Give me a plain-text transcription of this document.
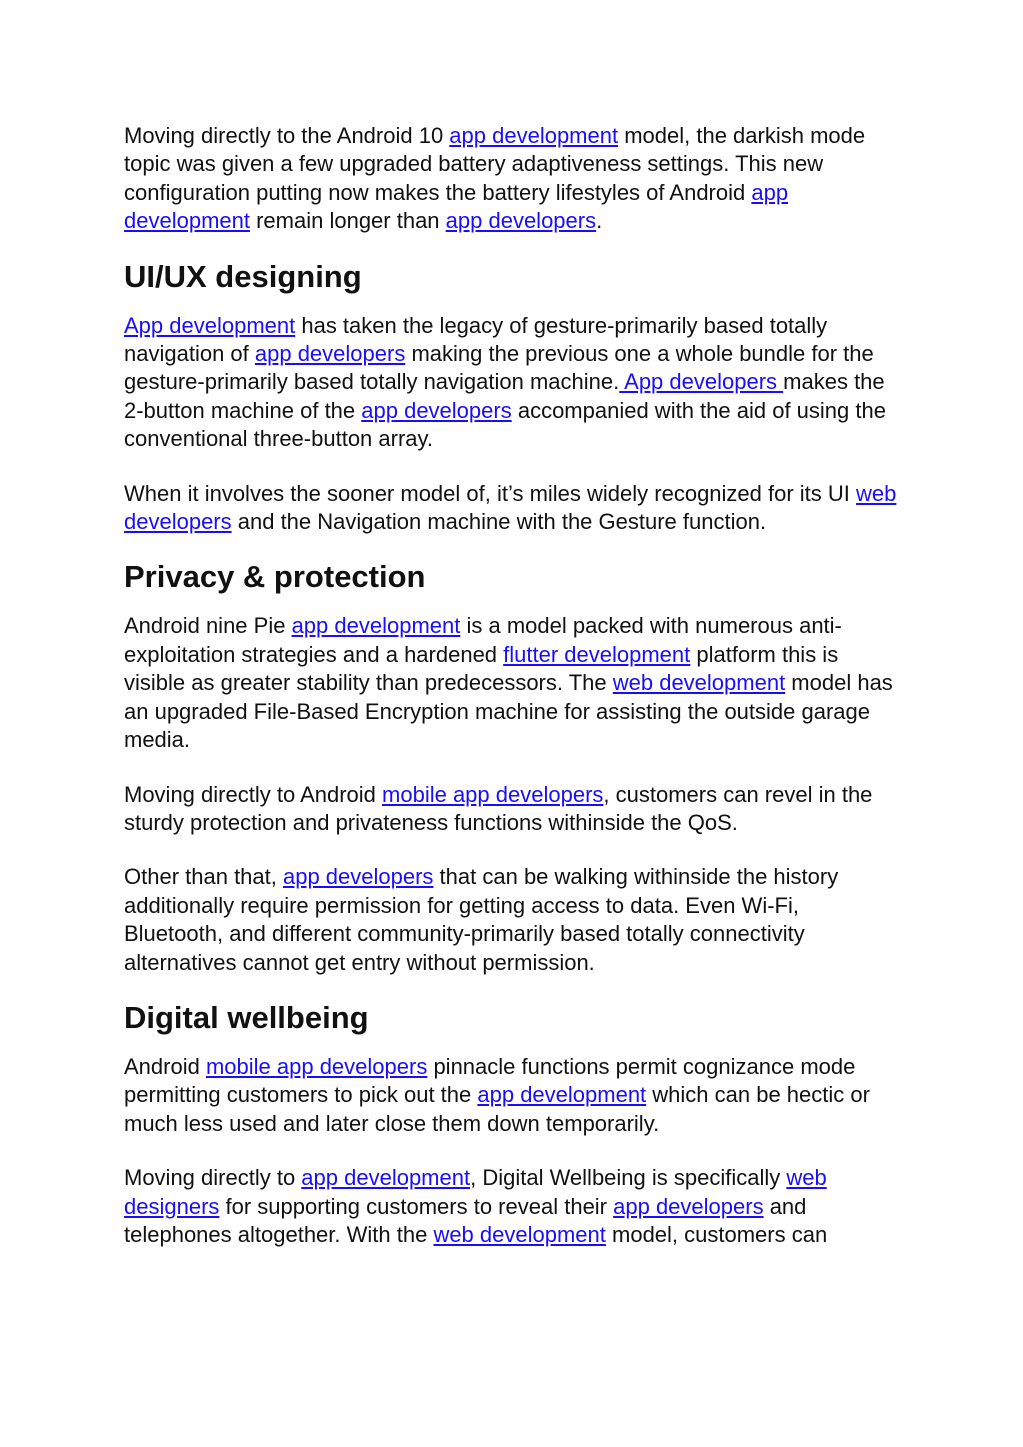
Moving directly to the Android 10 app development model, the darkish mode topic was given a few upgraded battery adaptiveness settings. This new configuration putting now makes the battery lifestyles of Android app development remain longer than app developers.

UI/UX designing

App development has taken the legacy of gesture-primarily based totally navigation of app developers making the previous one a whole bundle for the gesture-primarily based totally navigation machine. App developers makes the 2-button machine of the app developers accompanied with the aid of using the conventional three-button array.

When it involves the sooner model of, it’s miles widely recognized for its UI web developers and the Navigation machine with the Gesture function.

Privacy & protection

Android nine Pie app development is a model packed with numerous anti-exploitation strategies and a hardened flutter development platform this is visible as greater stability than predecessors. The web development model has an upgraded File-Based Encryption machine for assisting the outside garage media.

Moving directly to Android mobile app developers, customers can revel in the sturdy protection and privateness functions withinside the QoS.

Other than that, app developers that can be walking withinside the history additionally require permission for getting access to data. Even Wi-Fi, Bluetooth, and different community-primarily based totally connectivity alternatives cannot get entry without permission.

Digital wellbeing

Android mobile app developers pinnacle functions permit cognizance mode permitting customers to pick out the app development which can be hectic or much less used and later close them down temporarily.

Moving directly to app development, Digital Wellbeing is specifically web designers for supporting customers to reveal their app developers and telephones altogether. With the web development model, customers can
